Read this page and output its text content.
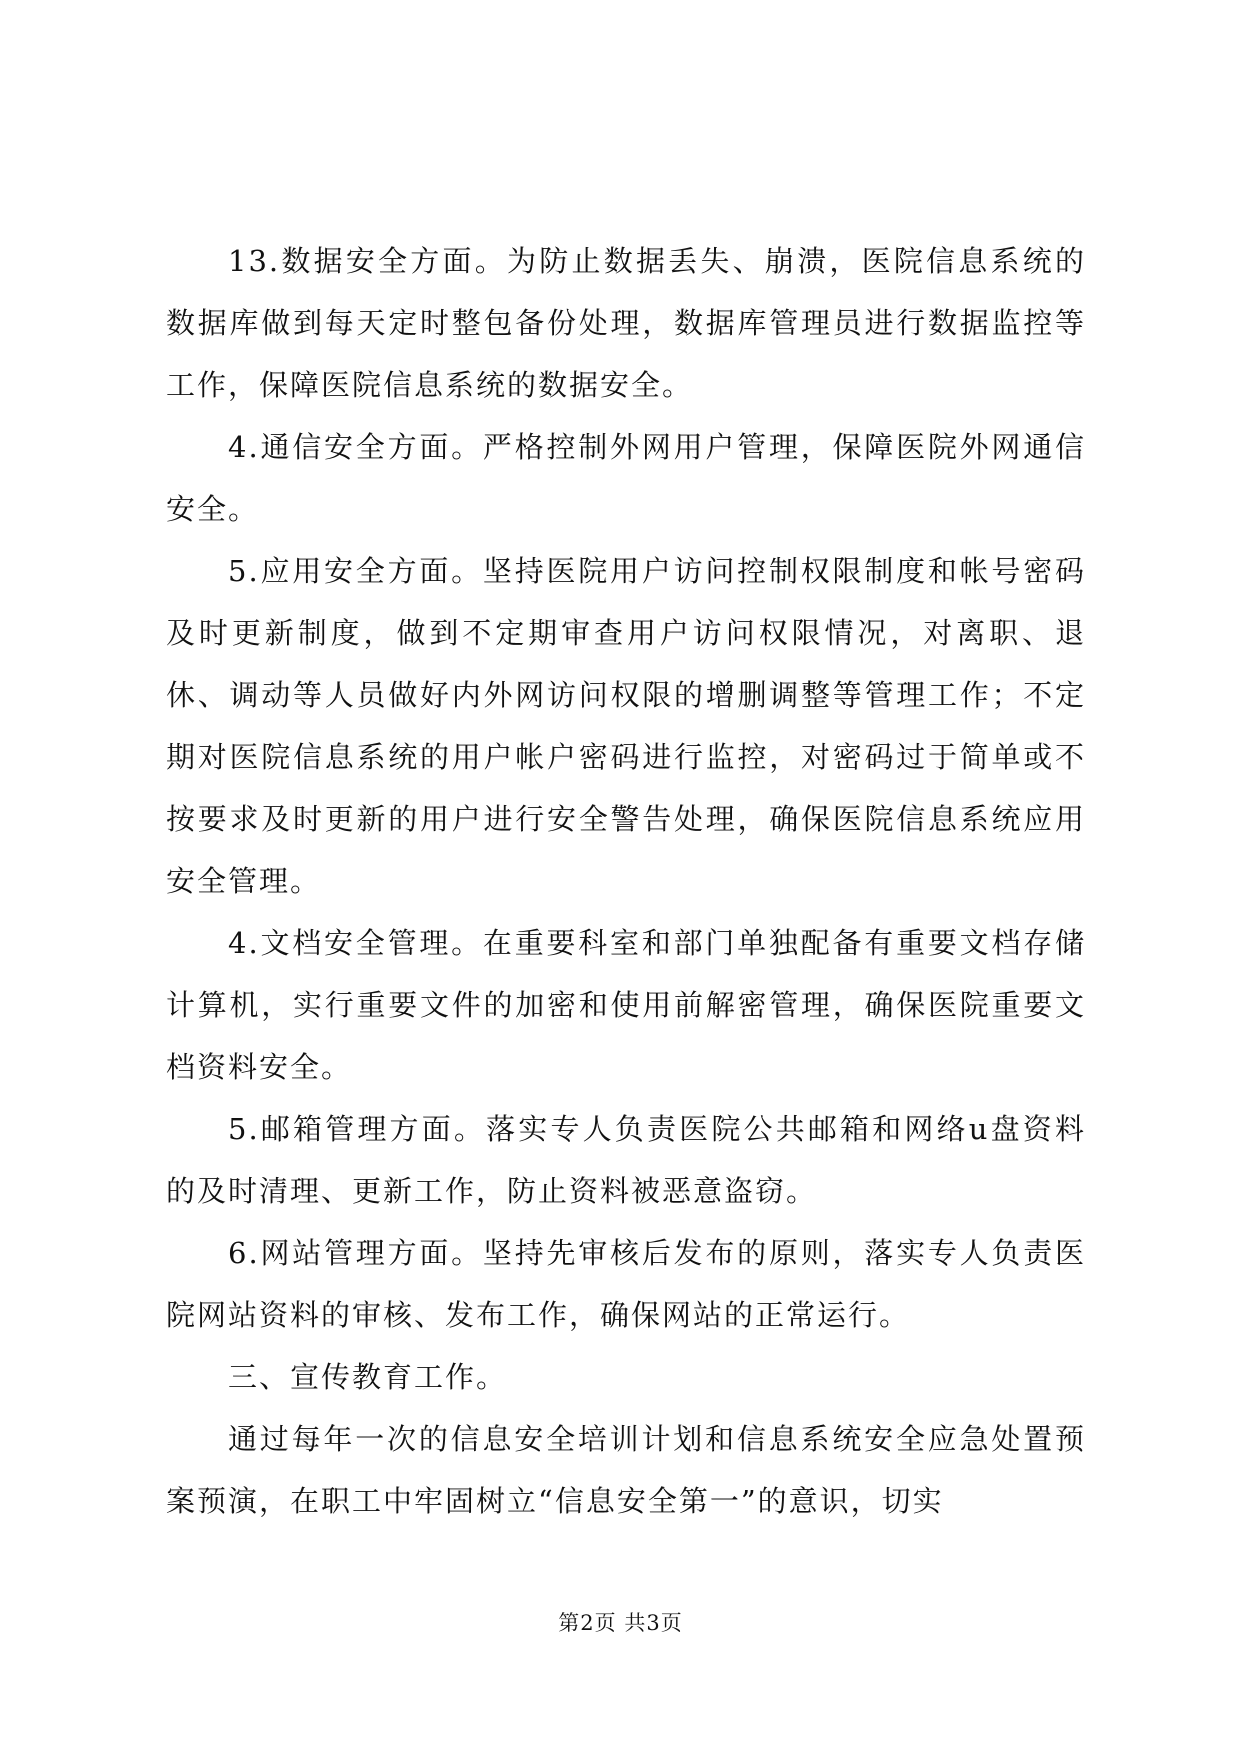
13.数据安全方面。为防止数据丢失、崩溃，医院信息系统的数据库做到每天定时整包备份处理，数据库管理员进行数据监控等工作，保障医院信息系统的数据安全。

4.通信安全方面。严格控制外网用户管理，保障医院外网通信安全。

5.应用安全方面。坚持医院用户访问控制权限制度和帐号密码及时更新制度，做到不定期审查用户访问权限情况，对离职、退休、调动等人员做好内外网访问权限的增删调整等管理工作；不定期对医院信息系统的用户帐户密码进行监控，对密码过于简单或不按要求及时更新的用户进行安全警告处理，确保医院信息系统应用安全管理。

4.文档安全管理。在重要科室和部门单独配备有重要文档存储计算机，实行重要文件的加密和使用前解密管理，确保医院重要文档资料安全。

5.邮箱管理方面。落实专人负责医院公共邮箱和网络u盘资料的及时清理、更新工作，防止资料被恶意盗窃。

6.网站管理方面。坚持先审核后发布的原则，落实专人负责医院网站资料的审核、发布工作，确保网站的正常运行。

三、宣传教育工作。

通过每年一次的信息安全培训计划和信息系统安全应急处置预案预演，在职工中牢固树立“信息安全第一”的意识，切实

第2页 共3页
